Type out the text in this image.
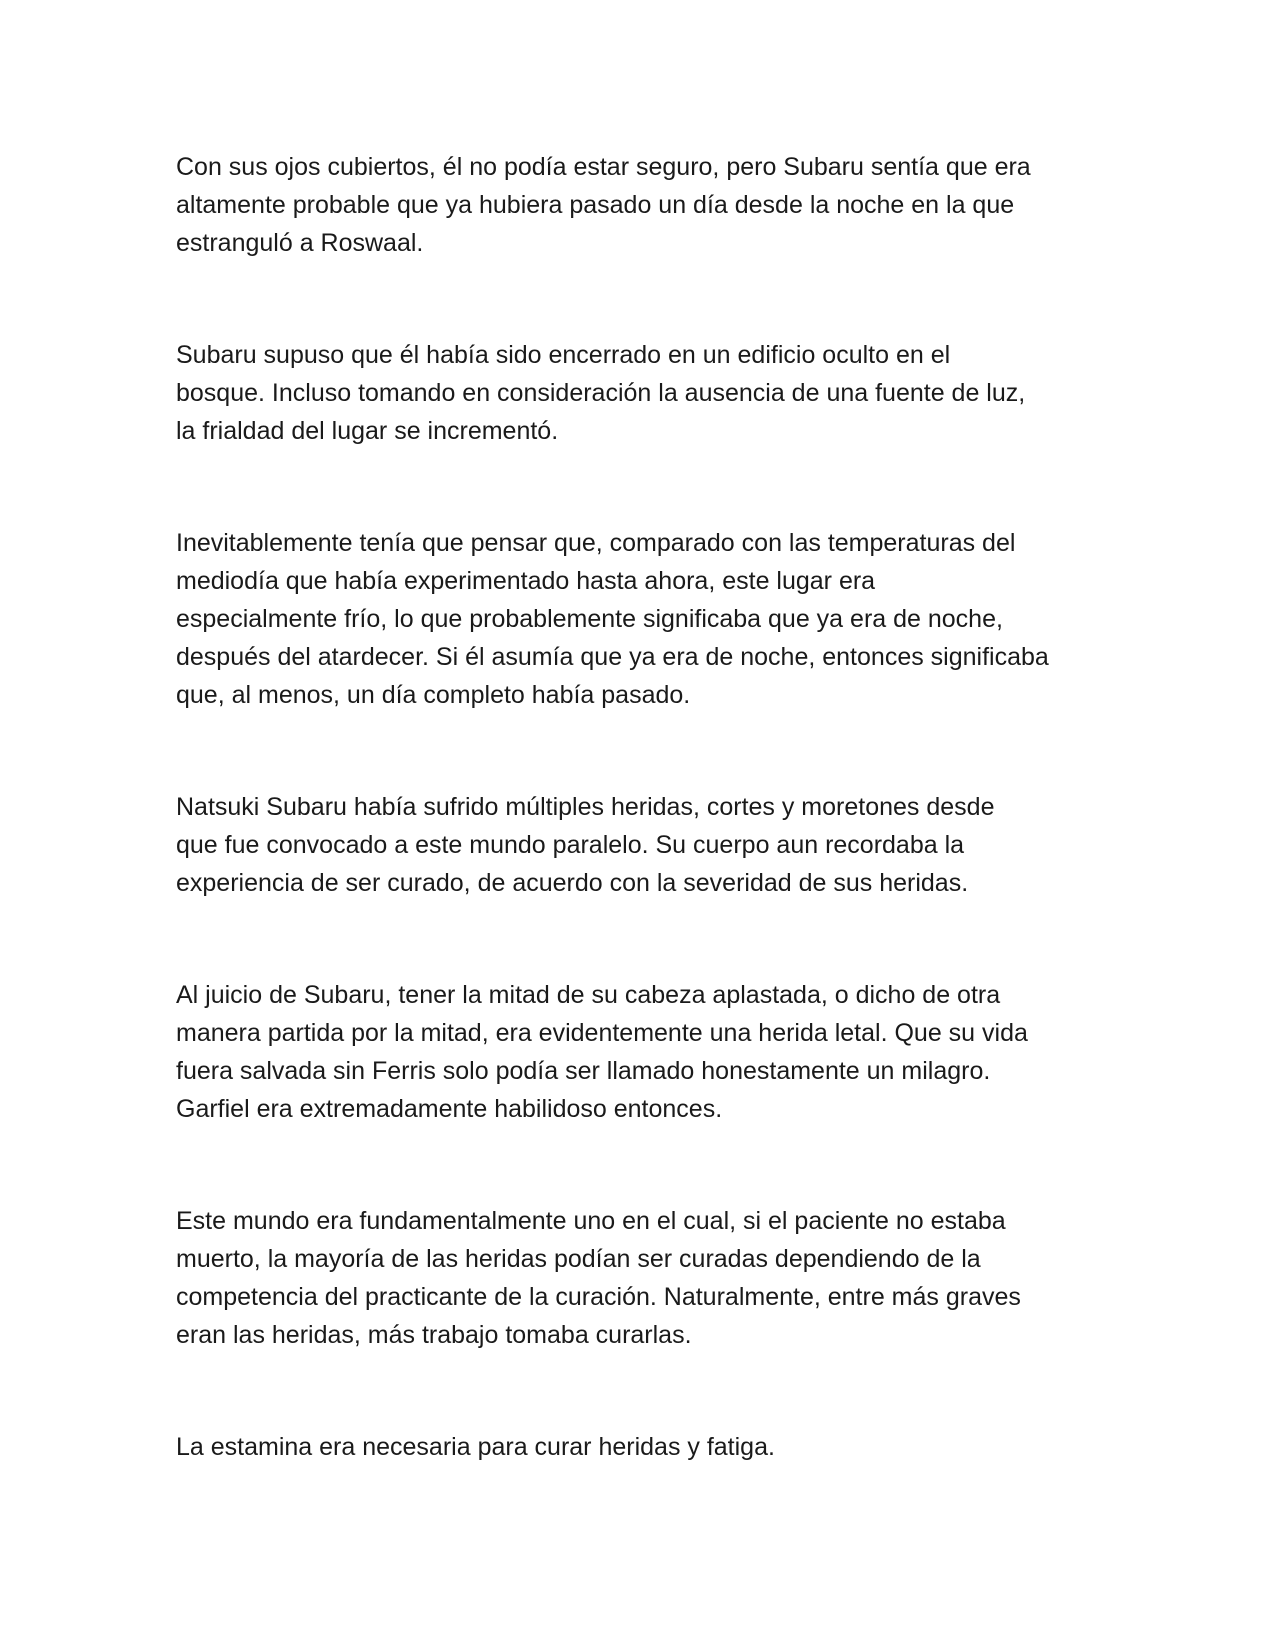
Con sus ojos cubiertos, él no podía estar seguro, pero Subaru sentía que era
altamente probable que ya hubiera pasado un día desde la noche en la que
estranguló a Roswaal.

Subaru supuso que él había sido encerrado en un edificio oculto en el
bosque. Incluso tomando en consideración la ausencia de una fuente de luz,
la frialdad del lugar se incrementó.

Inevitablemente tenía que pensar que, comparado con las temperaturas del
mediodía que había experimentado hasta ahora, este lugar era
especialmente frío, lo que probablemente significaba que ya era de noche,
después del atardecer. Si él asumía que ya era de noche, entonces significaba
que, al menos, un día completo había pasado.

Natsuki Subaru había sufrido múltiples heridas, cortes y moretones desde
que fue convocado a este mundo paralelo. Su cuerpo aun recordaba la
experiencia de ser curado, de acuerdo con la severidad de sus heridas.

Al juicio de Subaru, tener la mitad de su cabeza aplastada, o dicho de otra
manera partida por la mitad, era evidentemente una herida letal. Que su vida
fuera salvada sin Ferris solo podía ser llamado honestamente un milagro.
Garfiel era extremadamente habilidoso entonces.

Este mundo era fundamentalmente uno en el cual, si el paciente no estaba
muerto, la mayoría de las heridas podían ser curadas dependiendo de la
competencia del practicante de la curación. Naturalmente, entre más graves
eran las heridas, más trabajo tomaba curarlas.

La estamina era necesaria para curar heridas y fatiga.
